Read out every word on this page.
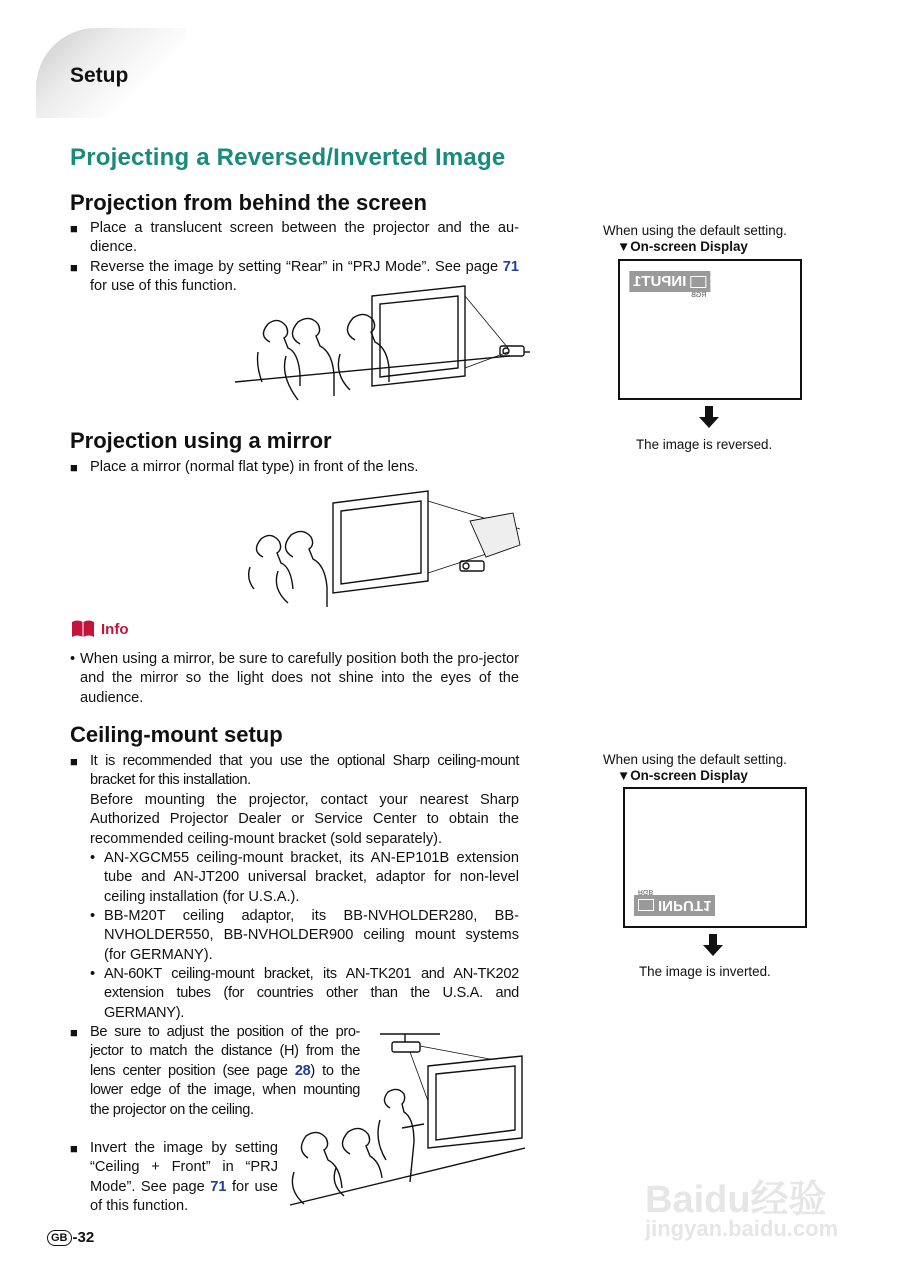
Setup
Projecting a Reversed/Inverted Image
Projection from behind the screen
■ Place a translucent screen between the projector and the au-dience.
■ Reverse the image by setting “Rear” in “PRJ Mode”. See page 71 for use of this function.
When using the default setting.
▼On-screen Display
INPUT1
RGB
The image is reversed.
Projection using a mirror
■ Place a mirror (normal flat type) in front of the lens.
Info
• When using a mirror, be sure to carefully position both the pro-jector and the mirror so the light does not shine into the eyes of the audience.
Ceiling-mount setup
■ It is recommended that you use the optional Sharp ceiling-mount bracket for this installation.
Before mounting the projector, contact your nearest Sharp Authorized Projector Dealer or Service Center to obtain the recommended ceiling-mount bracket (sold separately).
• AN-XGCM55 ceiling-mount bracket, its AN-EP101B extension tube and AN-JT200 universal bracket, adaptor for non-level ceiling installation (for U.S.A.).
• BB-M20T ceiling adaptor, its BB-NVHOLDER280, BB-NVHOLDER550, BB-NVHOLDER900 ceiling mount systems (for GERMANY).
• AN-60KT ceiling-mount bracket, its AN-TK201 and AN-TK202 extension tubes (for countries other than the U.S.A. and GERMANY).
■ Be sure to adjust the position of the pro-jector to match the distance (H) from the lens center position (see page 28) to the lower edge of the image, when mounting the projector on the ceiling.
■ Invert the image by setting “Ceiling + Front” in “PRJ Mode”. See page 71 for use of this function.
When using the default setting.
▼On-screen Display
INPUT1
RGB
The image is inverted.
GB -32
Baidu经验
jingyan.baidu.com
